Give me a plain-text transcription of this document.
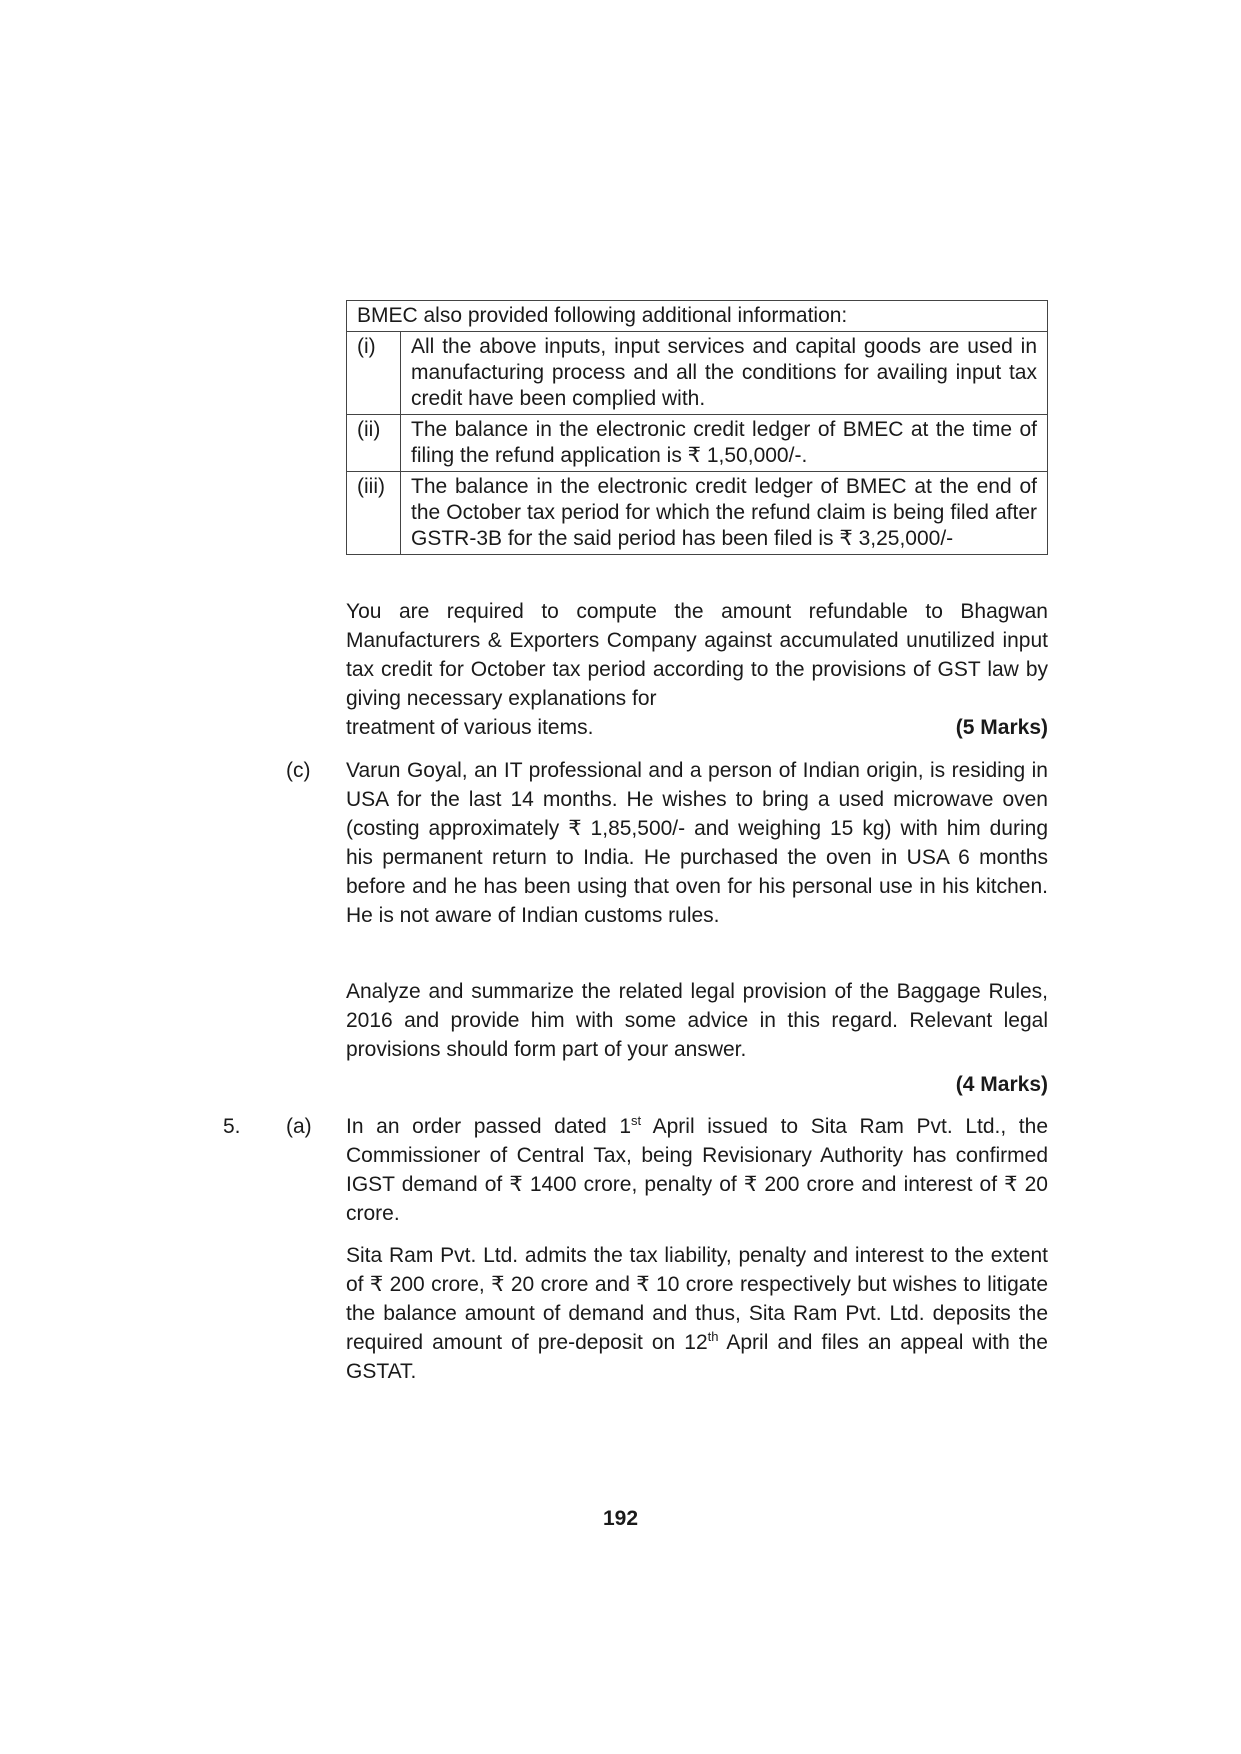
BMEC also provided following additional information:	
(i)	All the above inputs, input services and capital goods are used in manufacturing process and all the conditions for availing input tax credit have been complied with.
(ii)	The balance in the electronic credit ledger of BMEC at the time of filing the refund application is ₹ 1,50,000/-.
(iii)	The balance in the electronic credit ledger of BMEC at the end of the October tax period for which the refund claim is being filed after GSTR-3B for the said period has been filed is ₹ 3,25,000/-
You are required to compute the amount refundable to Bhagwan Manufacturers & Exporters Company against accumulated unutilized input tax credit for October tax period according to the provisions of GST law by giving necessary explanations for
treatment of various items.	(5 Marks)
(c) Varun Goyal, an IT professional and a person of Indian origin, is residing in USA for the last 14 months. He wishes to bring a used microwave oven (costing approximately ₹ 1,85,500/- and weighing 15 kg) with him during his permanent return to India. He purchased the oven in USA 6 months before and he has been using that oven for his personal use in his kitchen. He is not aware of Indian customs rules.
Analyze and summarize the related legal provision of the Baggage Rules, 2016 and provide him with some advice in this regard. Relevant legal provisions should form part of your answer.
(4 Marks)
5. (a) In an order passed dated 1st April issued to Sita Ram Pvt. Ltd., the Commissioner of Central Tax, being Revisionary Authority has confirmed IGST demand of ₹ 1400 crore, penalty of ₹ 200 crore and interest of ₹ 20 crore.
Sita Ram Pvt. Ltd. admits the tax liability, penalty and interest to the extent of ₹ 200 crore, ₹ 20 crore and ₹ 10 crore respectively but wishes to litigate the balance amount of demand and thus, Sita Ram Pvt. Ltd. deposits the required amount of pre-deposit on 12th April and files an appeal with the GSTAT.
192
